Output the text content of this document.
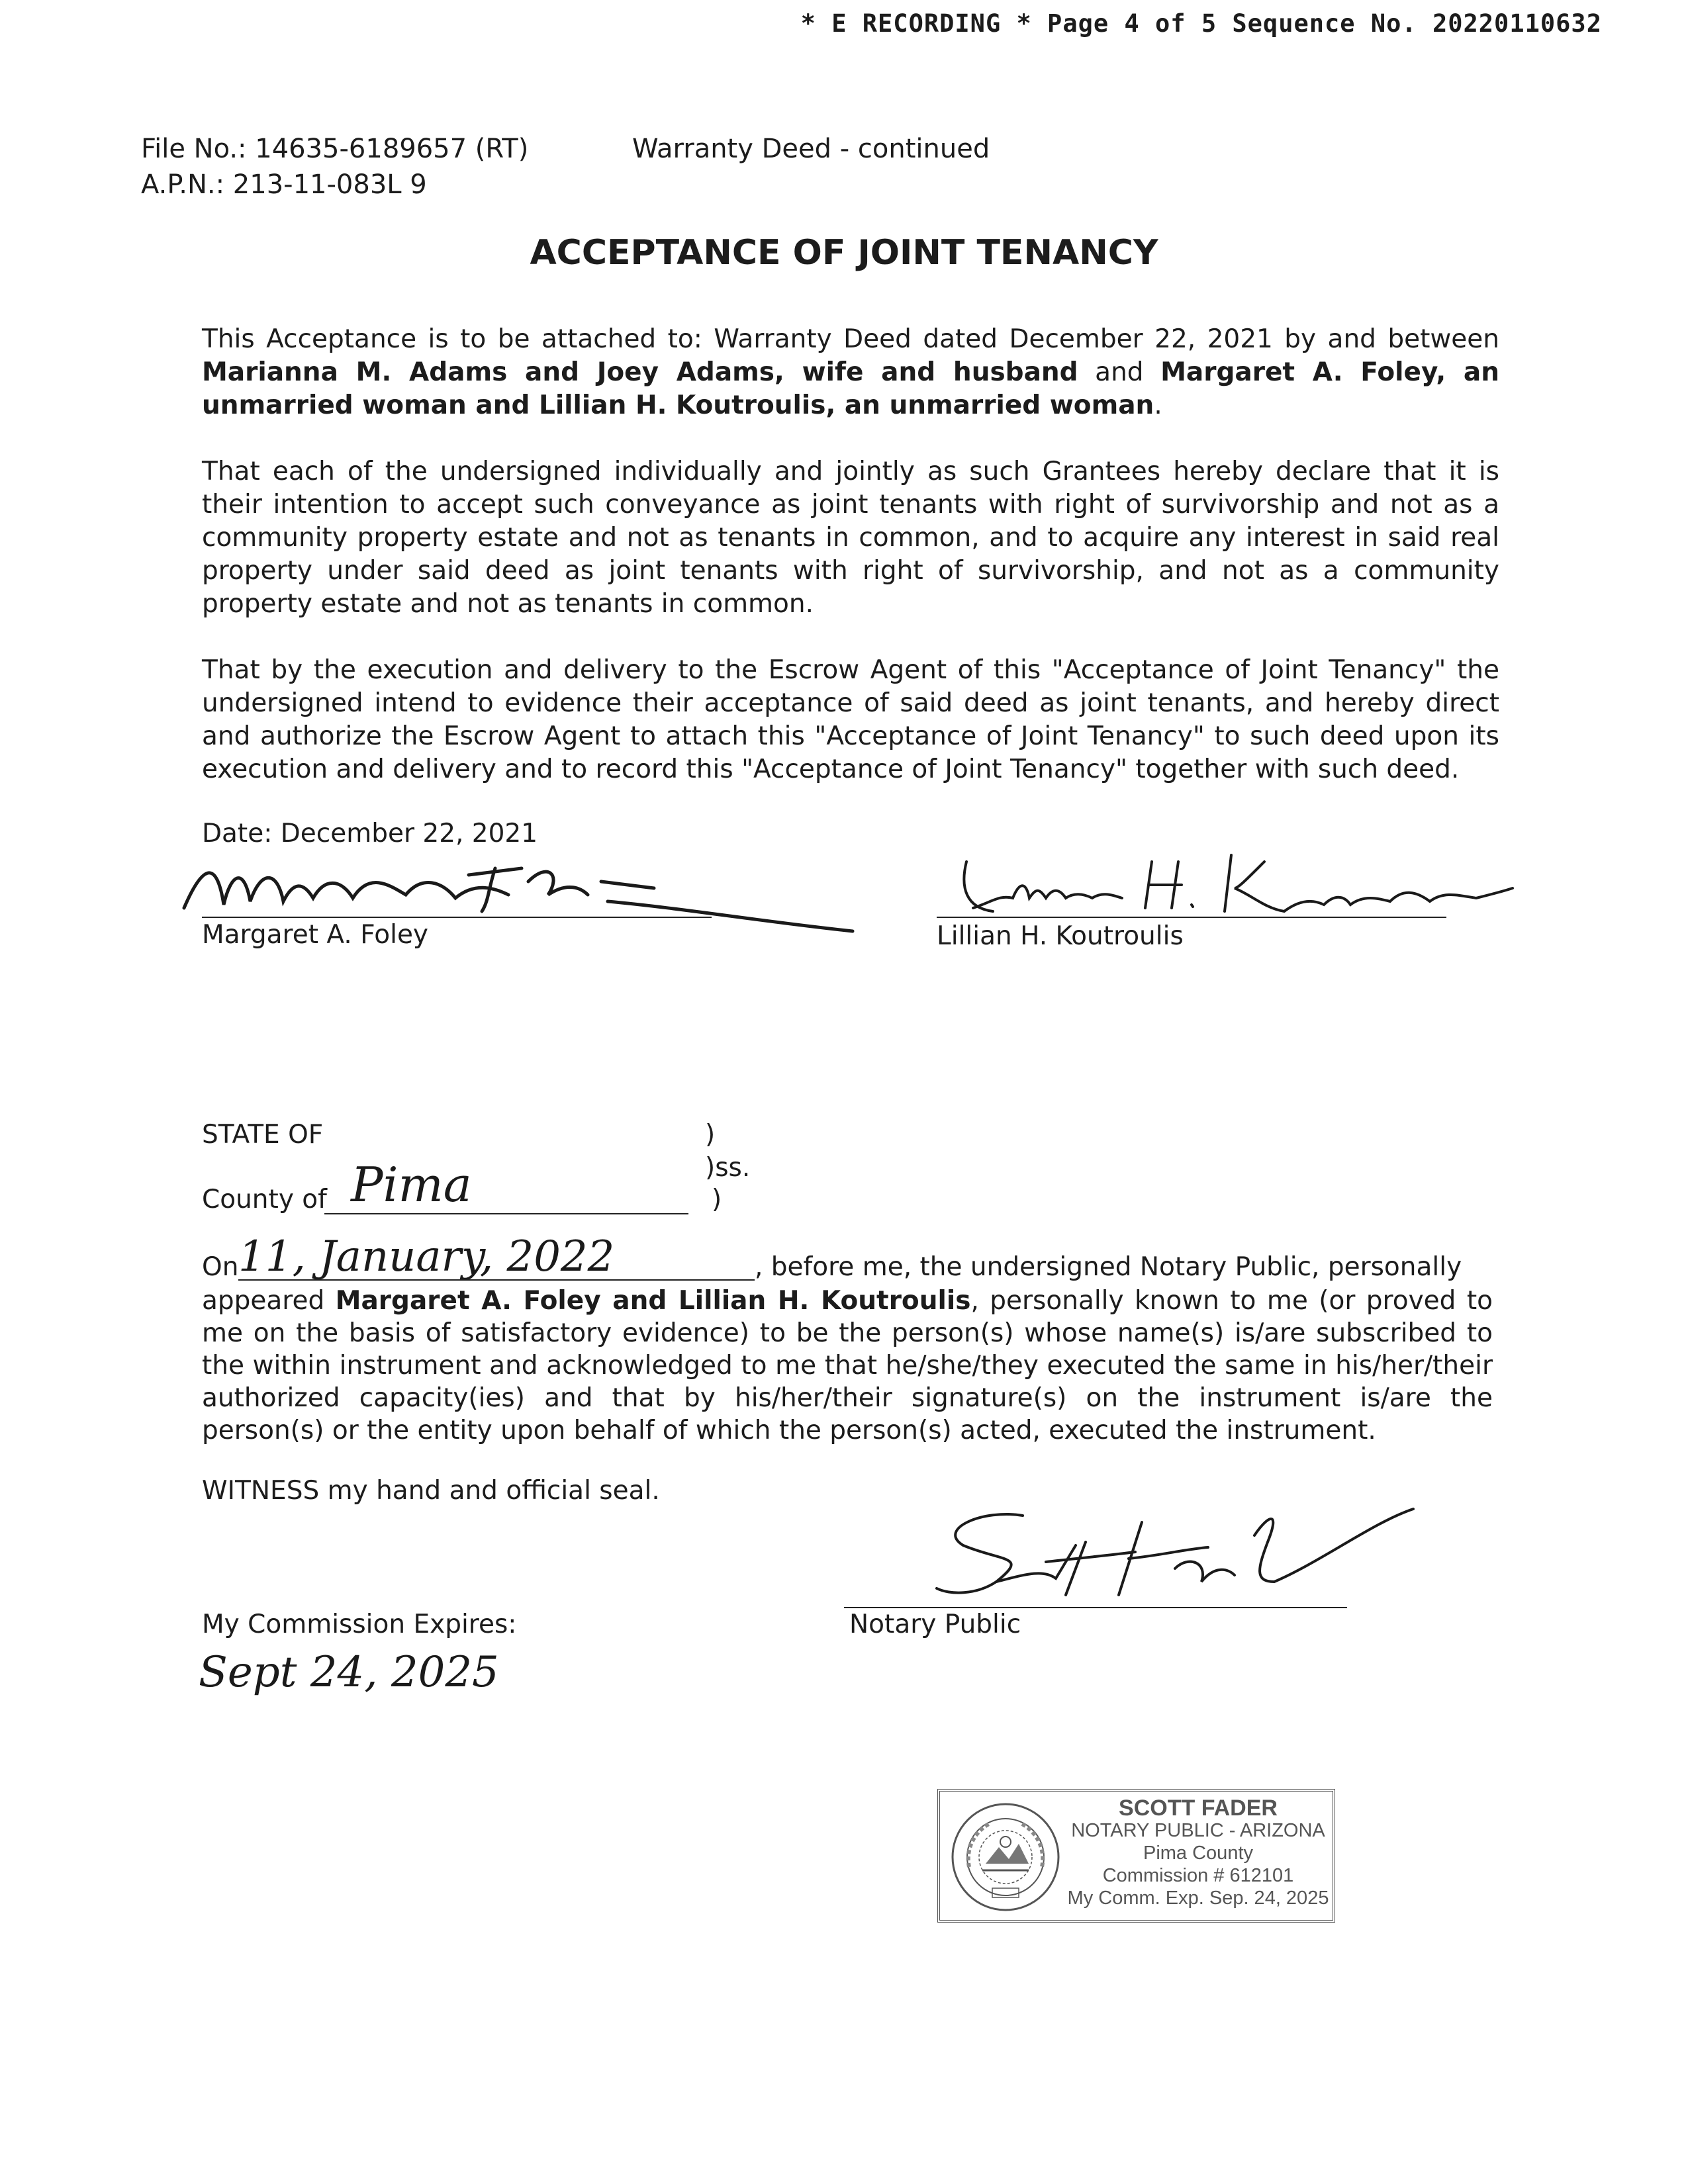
* E RECORDING * Page 4 of 5 Sequence No. 20220110632
File No.: 14635-6189657 (RT)
A.P.N.: 213-11-083L 9
Warranty Deed - continued
ACCEPTANCE OF JOINT TENANCY
This Acceptance is to be attached to: Warranty Deed dated December 22, 2021 by and between Marianna M. Adams and Joey Adams, wife and husband and Margaret A. Foley, an unmarried woman and Lillian H. Koutroulis, an unmarried woman.
That each of the undersigned individually and jointly as such Grantees hereby declare that it is their intention to accept such conveyance as joint tenants with right of survivorship and not as a community property estate and not as tenants in common, and to acquire any interest in said real property under said deed as joint tenants with right of survivorship, and not as a community property estate and not as tenants in common.
That by the execution and delivery to the Escrow Agent of this "Acceptance of Joint Tenancy" the undersigned intend to evidence their acceptance of said deed as joint tenants, and hereby direct and authorize the Escrow Agent to attach this "Acceptance of Joint Tenancy" to such deed upon its execution and delivery and to record this "Acceptance of Joint Tenancy" together with such deed.
Date: December 22, 2021
Margaret A. Foley	Lillian H. Koutroulis
STATE OF	)
)ss.
County of Pima	)
On 11, January, 2022	, before me, the undersigned Notary Public, personally
appeared Margaret A. Foley and Lillian H. Koutroulis, personally known to me (or proved to me on the basis of satisfactory evidence) to be the person(s) whose name(s) is/are subscribed to the within instrument and acknowledged to me that he/she/they executed the same in his/her/their authorized capacity(ies) and that by his/her/their signature(s) on the instrument is/are the person(s) or the entity upon behalf of which the person(s) acted, executed the instrument.
WITNESS my hand and official seal.
Notary Public
My Commission Expires:
Sept 24, 2025
SCOTT FADER
NOTARY PUBLIC - ARIZONA
Pima County
Commission # 612101
My Comm. Exp. Sep. 24, 2025
